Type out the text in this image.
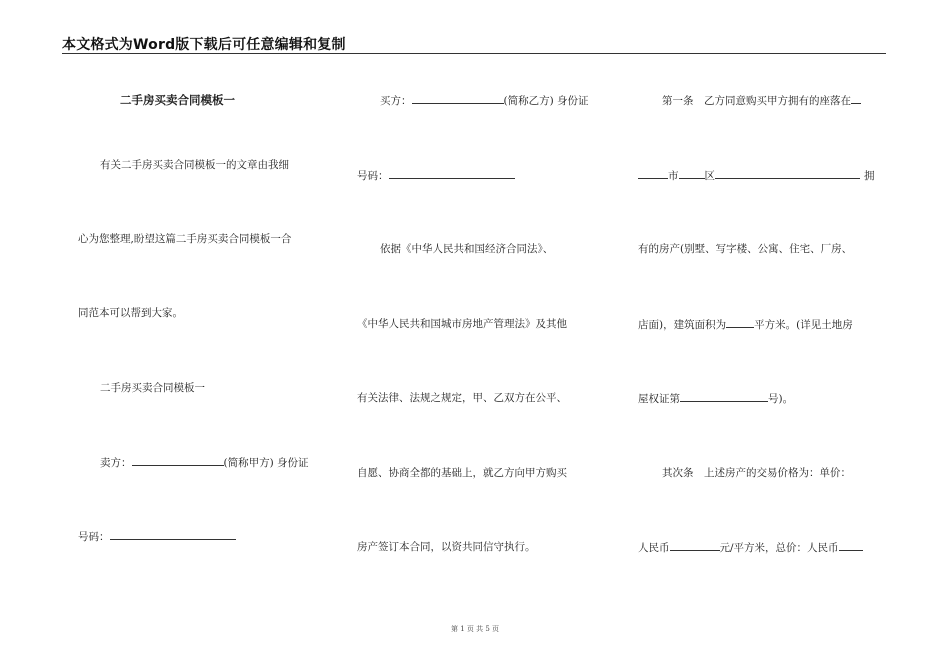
本文格式为Word版下载后可任意编辑和复制
二手房买卖合同模板一
有关二手房买卖合同模板一的文章由我细
心为您整理,盼望这篇二手房买卖合同模板一合
同范本可以帮到大家。
二手房买卖合同模板一
卖方：	(简称甲方) 身份证
号码：
买方：	(简称乙方) 身份证
号码：
依据《中华人民共和国经济合同法》、
《中华人民共和国城市房地产管理法》及其他
有关法律、法规之规定，甲、乙双方在公平、
自愿、协商全都的基础上，就乙方向甲方购买
房产签订本合同，以资共同信守执行。
第一条　乙方同意购买甲方拥有的座落在
市 区	拥
有的房产(别墅、写字楼、公寓、住宅、厂房、
店面)，建筑面积为	平方米。(详见土地房
屋权证第	号)。
其次条　上述房产的交易价格为：单价：
人民币	元/平方米，总价：人民币
第 1 页 共 5 页
